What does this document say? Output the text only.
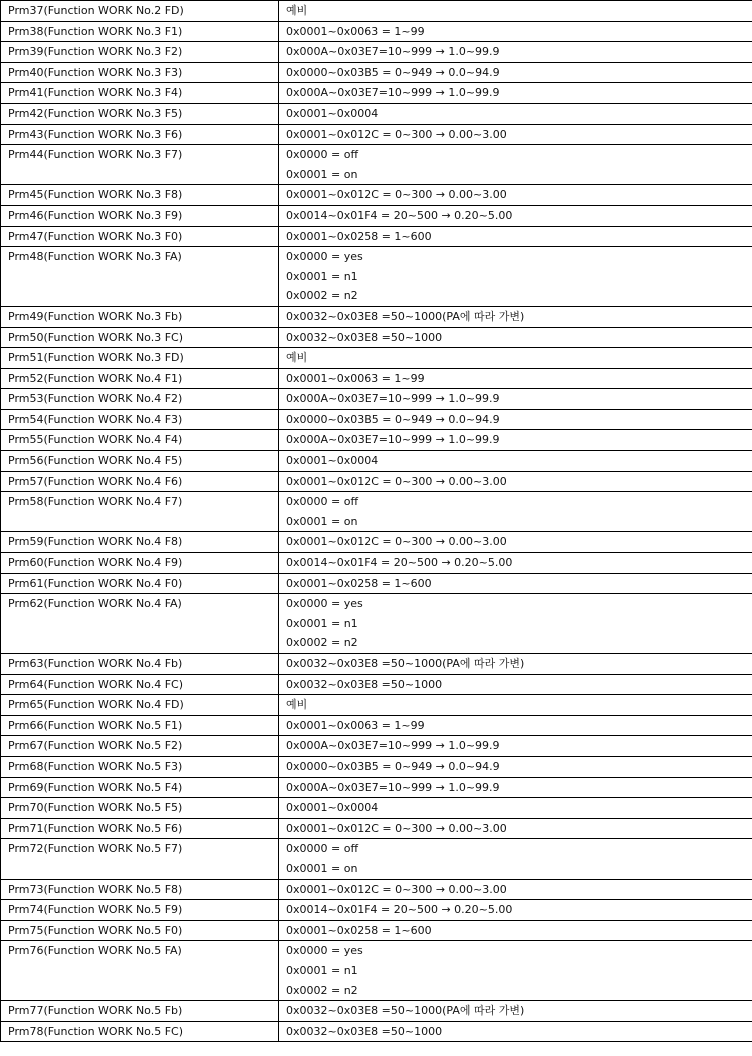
Prm37(Function WORK No.2 FD)	예비

Prm38(Function WORK No.3 F1)	0x0001~0x0063 = 1~99

Prm39(Function WORK No.3 F2)	0x000A~0x03E7=10~999 → 1.0~99.9

Prm40(Function WORK No.3 F3)	0x0000~0x03B5 = 0~949 → 0.0~94.9

Prm41(Function WORK No.3 F4)	0x000A~0x03E7=10~999 → 1.0~99.9

Prm42(Function WORK No.3 F5)	0x0001~0x0004

Prm43(Function WORK No.3 F6)	0x0001~0x012C = 0~300 → 0.00~3.00

Prm44(Function WORK No.3 F7)	0x0000 = off
0x0001 = on

Prm45(Function WORK No.3 F8)	0x0001~0x012C = 0~300 → 0.00~3.00

Prm46(Function WORK No.3 F9)	0x0014~0x01F4 = 20~500 → 0.20~5.00

Prm47(Function WORK No.3 F0)	0x0001~0x0258 = 1~600

Prm48(Function WORK No.3 FA)	0x0000 = yes
0x0001 = n1
0x0002 = n2

Prm49(Function WORK No.3 Fb)	0x0032~0x03E8 =50~1000(PA에 따라 가변)

Prm50(Function WORK No.3 FC)	0x0032~0x03E8 =50~1000

Prm51(Function WORK No.3 FD)	예비

Prm52(Function WORK No.4 F1)	0x0001~0x0063 = 1~99

Prm53(Function WORK No.4 F2)	0x000A~0x03E7=10~999 → 1.0~99.9

Prm54(Function WORK No.4 F3)	0x0000~0x03B5 = 0~949 → 0.0~94.9

Prm55(Function WORK No.4 F4)	0x000A~0x03E7=10~999 → 1.0~99.9

Prm56(Function WORK No.4 F5)	0x0001~0x0004

Prm57(Function WORK No.4 F6)	0x0001~0x012C = 0~300 → 0.00~3.00

Prm58(Function WORK No.4 F7)	0x0000 = off
0x0001 = on

Prm59(Function WORK No.4 F8)	0x0001~0x012C = 0~300 → 0.00~3.00

Prm60(Function WORK No.4 F9)	0x0014~0x01F4 = 20~500 → 0.20~5.00

Prm61(Function WORK No.4 F0)	0x0001~0x0258 = 1~600

Prm62(Function WORK No.4 FA)	0x0000 = yes
0x0001 = n1
0x0002 = n2

Prm63(Function WORK No.4 Fb)	0x0032~0x03E8 =50~1000(PA에 따라 가변)

Prm64(Function WORK No.4 FC)	0x0032~0x03E8 =50~1000

Prm65(Function WORK No.4 FD)	예비

Prm66(Function WORK No.5 F1)	0x0001~0x0063 = 1~99

Prm67(Function WORK No.5 F2)	0x000A~0x03E7=10~999 → 1.0~99.9

Prm68(Function WORK No.5 F3)	0x0000~0x03B5 = 0~949 → 0.0~94.9

Prm69(Function WORK No.5 F4)	0x000A~0x03E7=10~999 → 1.0~99.9

Prm70(Function WORK No.5 F5)	0x0001~0x0004

Prm71(Function WORK No.5 F6)	0x0001~0x012C = 0~300 → 0.00~3.00

Prm72(Function WORK No.5 F7)	0x0000 = off
0x0001 = on

Prm73(Function WORK No.5 F8)	0x0001~0x012C = 0~300 → 0.00~3.00

Prm74(Function WORK No.5 F9)	0x0014~0x01F4 = 20~500 → 0.20~5.00

Prm75(Function WORK No.5 F0)	0x0001~0x0258 = 1~600

Prm76(Function WORK No.5 FA)	0x0000 = yes
0x0001 = n1
0x0002 = n2

Prm77(Function WORK No.5 Fb)	0x0032~0x03E8 =50~1000(PA에 따라 가변)

Prm78(Function WORK No.5 FC)	0x0032~0x03E8 =50~1000
